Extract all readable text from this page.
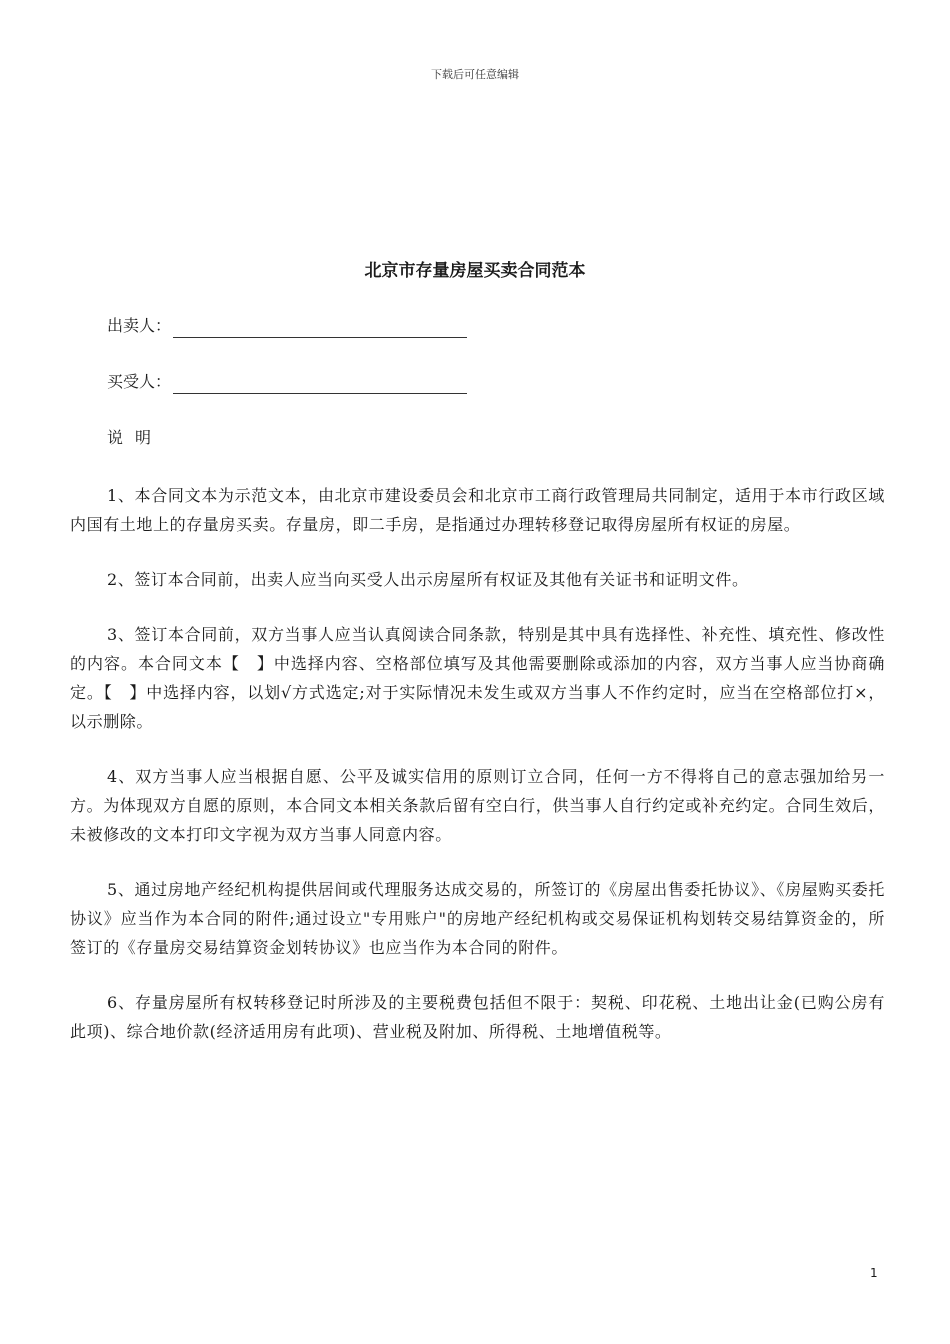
下载后可任意编辑
北京市存量房屋买卖合同范本
出卖人：
买受人：
说明

1、本合同文本为示范文本，由北京市建设委员会和北京市工商行政管理局共同制定，适用于本市行政区域内国有土地上的存量房买卖。存量房，即二手房，是指通过办理转移登记取得房屋所有权证的房屋。

2、签订本合同前，出卖人应当向买受人出示房屋所有权证及其他有关证书和证明文件。

3、签订本合同前，双方当事人应当认真阅读合同条款，特别是其中具有选择性、补充性、填充性、修改性的内容。本合同文本【　】中选择内容、空格部位填写及其他需要删除或添加的内容，双方当事人应当协商确定。【　】中选择内容，以划√方式选定;对于实际情况未发生或双方当事人不作约定时，应当在空格部位打×，以示删除。

4、双方当事人应当根据自愿、公平及诚实信用的原则订立合同，任何一方不得将自己的意志强加给另一方。为体现双方自愿的原则，本合同文本相关条款后留有空白行，供当事人自行约定或补充约定。合同生效后，未被修改的文本打印文字视为双方当事人同意内容。

5、通过房地产经纪机构提供居间或代理服务达成交易的，所签订的《房屋出售委托协议》、《房屋购买委托协议》应当作为本合同的附件;通过设立"专用账户"的房地产经纪机构或交易保证机构划转交易结算资金的，所签订的《存量房交易结算资金划转协议》也应当作为本合同的附件。

6、存量房屋所有权转移登记时所涉及的主要税费包括但不限于：契税、印花税、土地出让金(已购公房有此项)、综合地价款(经济适用房有此项)、营业税及附加、所得税、土地增值税等。

1
